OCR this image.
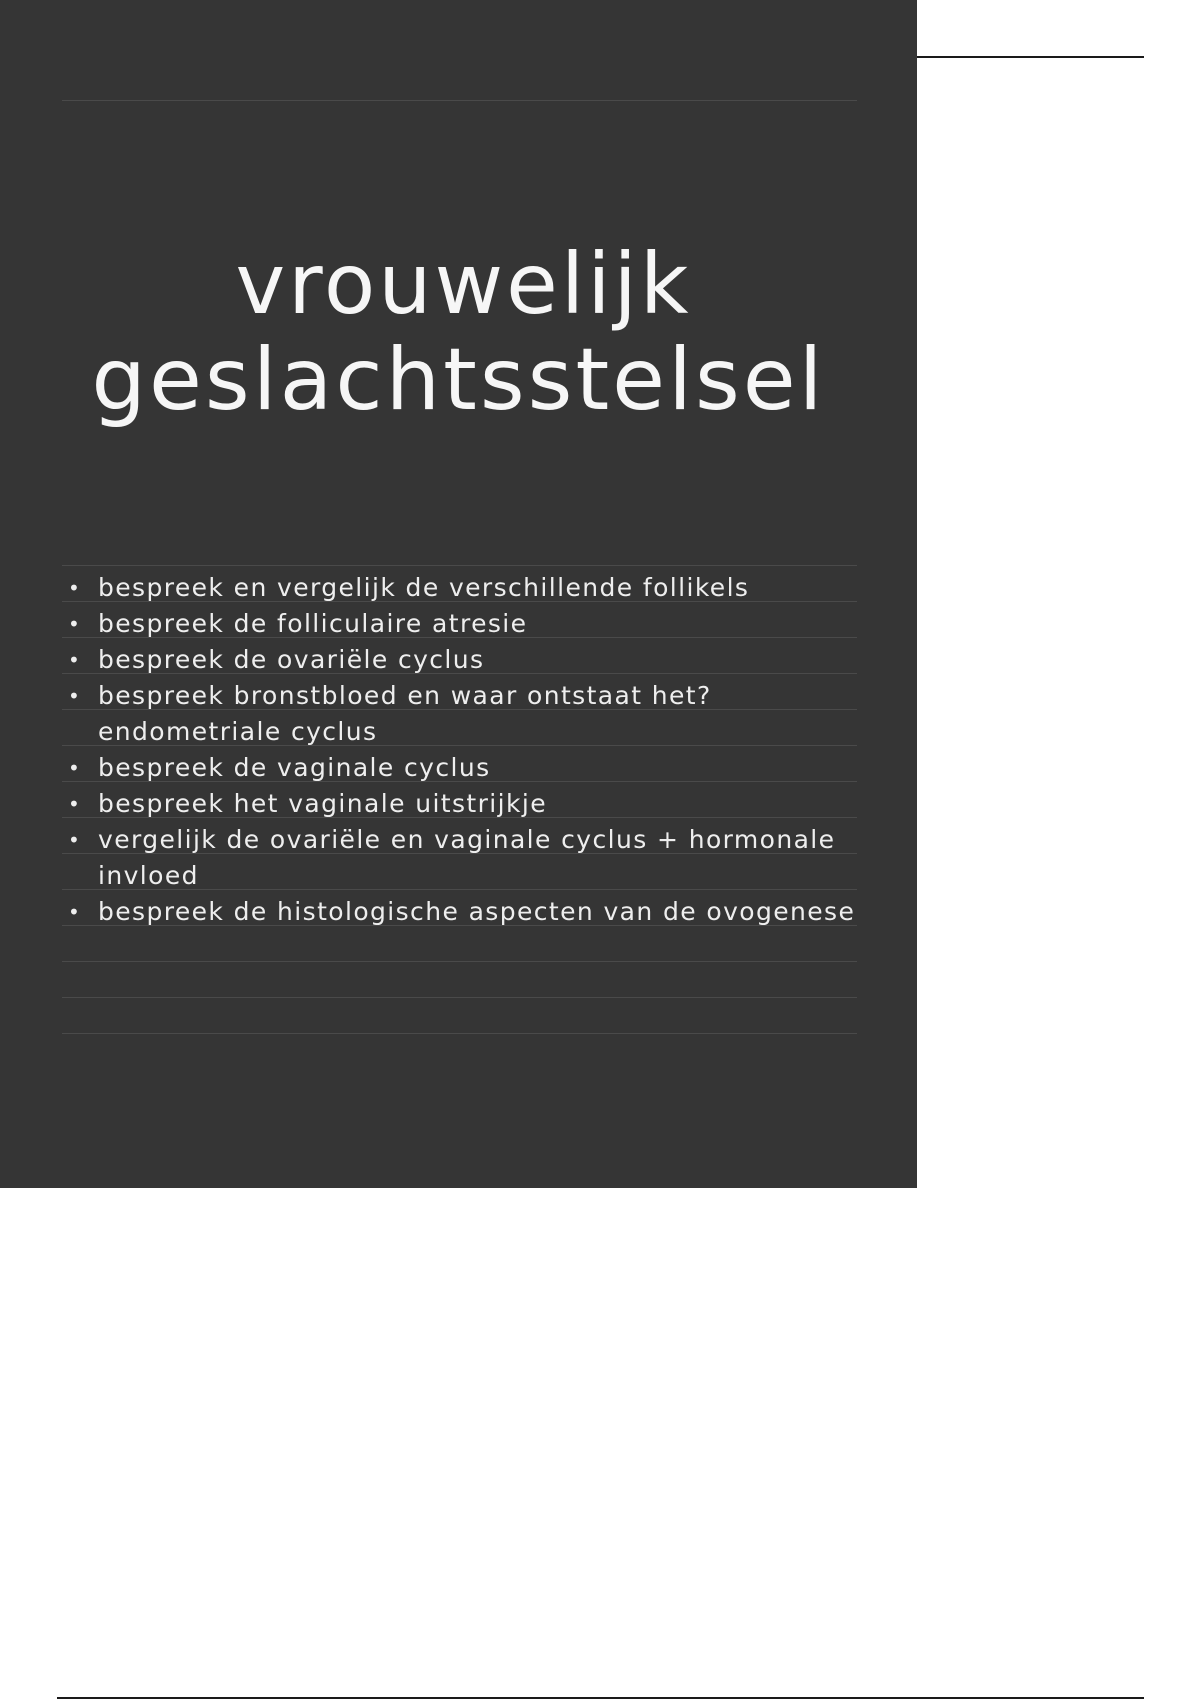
vrouwelijk
geslachtsstelsel
• bespreek en vergelijk de verschillende follikels
• bespreek de folliculaire atresie
• bespreek de ovariële cyclus
• bespreek bronstbloed en waar ontstaat het?
endometriale cyclus
• bespreek de vaginale cyclus
• bespreek het vaginale uitstrijkje
• vergelijk de ovariële en vaginale cyclus + hormonale
invloed
• bespreek de histologische aspecten van de ovogenese
